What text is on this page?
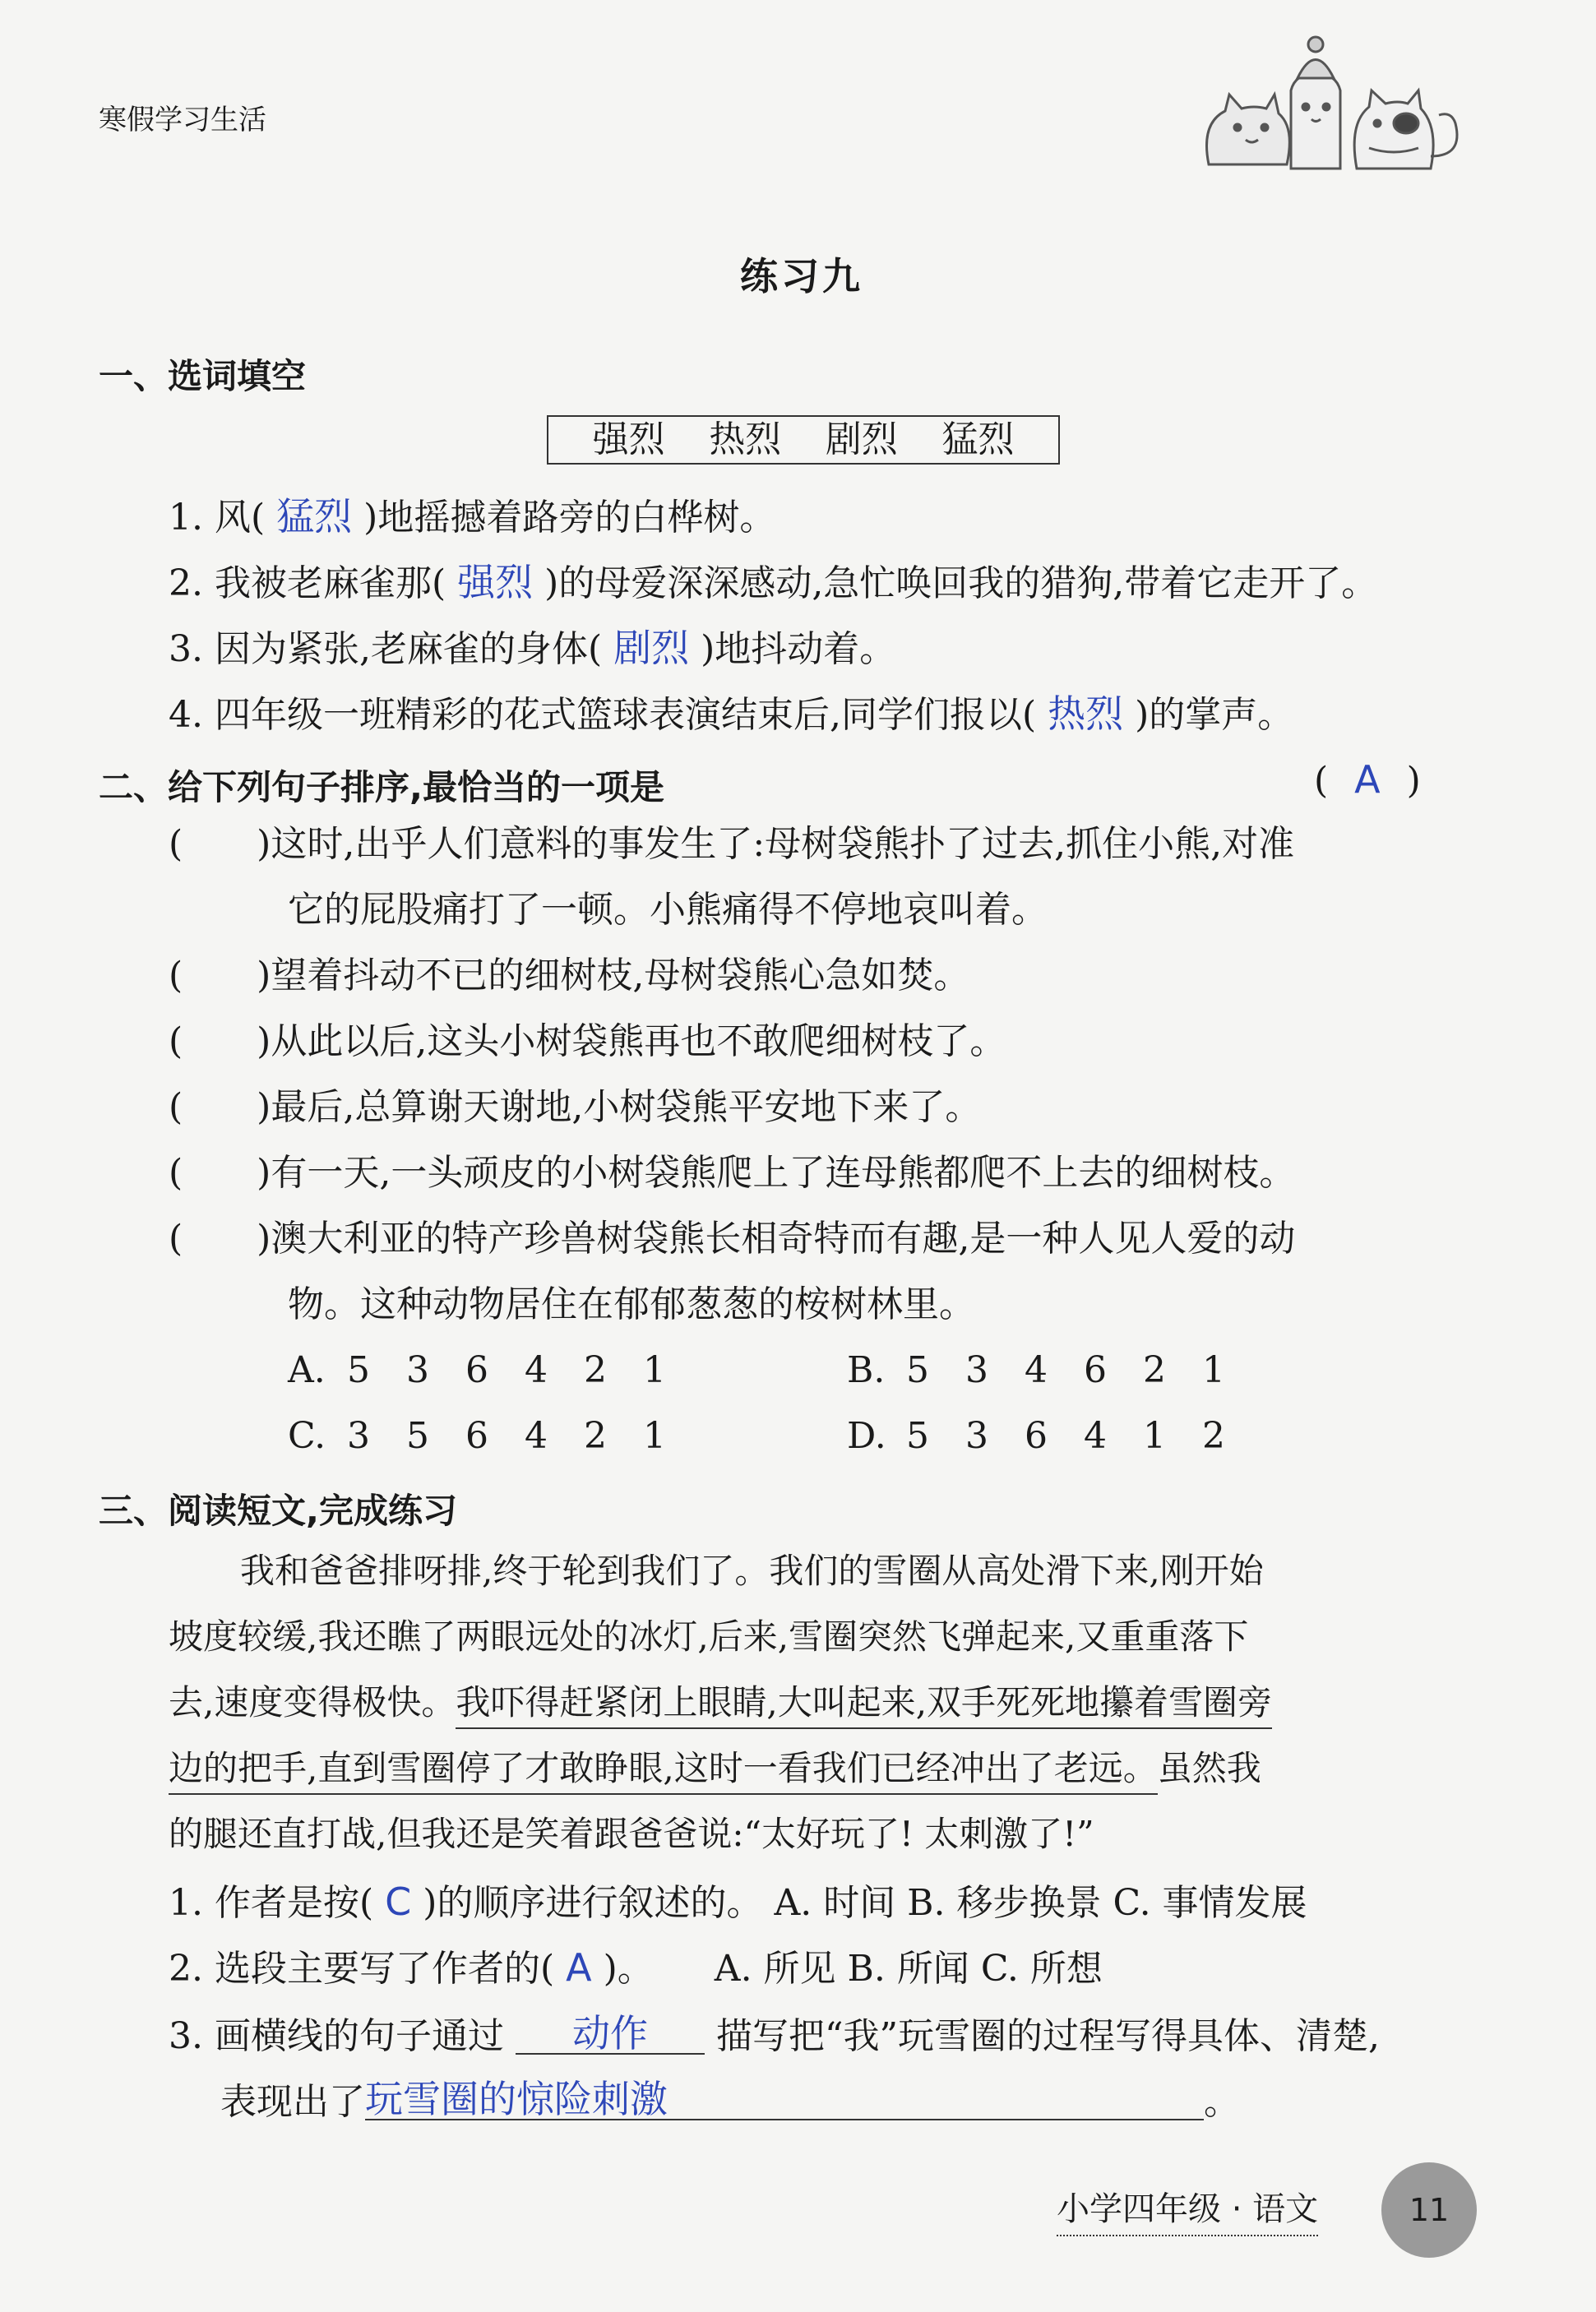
寒假学习生活
练习九
一、选词填空
强烈 热烈 剧烈 猛烈
1. 风( 猛烈 )地摇撼着路旁的白桦树。
2. 我被老麻雀那( 强烈 )的母爱深深感动,急忙唤回我的猎狗,带着它走开了。
3. 因为紧张,老麻雀的身体( 剧烈 )地抖动着。
4. 四年级一班精彩的花式篮球表演结束后,同学们报以( 热烈 )的掌声。
二、给下列句子排序,最恰当的一项是	( A )
( )这时,出乎人们意料的事发生了:母树袋熊扑了过去,抓住小熊,对准
它的屁股痛打了一顿。小熊痛得不停地哀叫着。
( )望着抖动不已的细树枝,母树袋熊心急如焚。
( )从此以后,这头小树袋熊再也不敢爬细树枝了。
( )最后,总算谢天谢地,小树袋熊平安地下来了。
( )有一天,一头顽皮的小树袋熊爬上了连母熊都爬不上去的细树枝。
( )澳大利亚的特产珍兽树袋熊长相奇特而有趣,是一种人见人爱的动
物。这种动物居住在郁郁葱葱的桉树林里。
A. 5 3 6 4 2 1	B. 5 3 4 6 2 1
C. 3 5 6 4 2 1	D. 5 3 6 4 1 2
三、阅读短文,完成练习
我和爸爸排呀排,终于轮到我们了。我们的雪圈从高处滑下来,刚开始
坡度较缓,我还瞧了两眼远处的冰灯,后来,雪圈突然飞弹起来,又重重落下
去,速度变得极快。我吓得赶紧闭上眼睛,大叫起来,双手死死地攥着雪圈旁
边的把手,直到雪圈停了才敢睁眼,这时一看我们已经冲出了老远。虽然我
的腿还直打战,但我还是笑着跟爸爸说:“太好玩了! 太刺激了!”
1. 作者是按( C )的顺序进行叙述的。 A. 时间 B. 移步换景 C. 事情发展
2. 选段主要写了作者的( A )。 A. 所见 B. 所闻 C. 所想
3. 画横线的句子通过 动作 描写把“我”玩雪圈的过程写得具体、清楚,
表现出了玩雪圈的惊险刺激	。
小学四年级 · 语文	11
